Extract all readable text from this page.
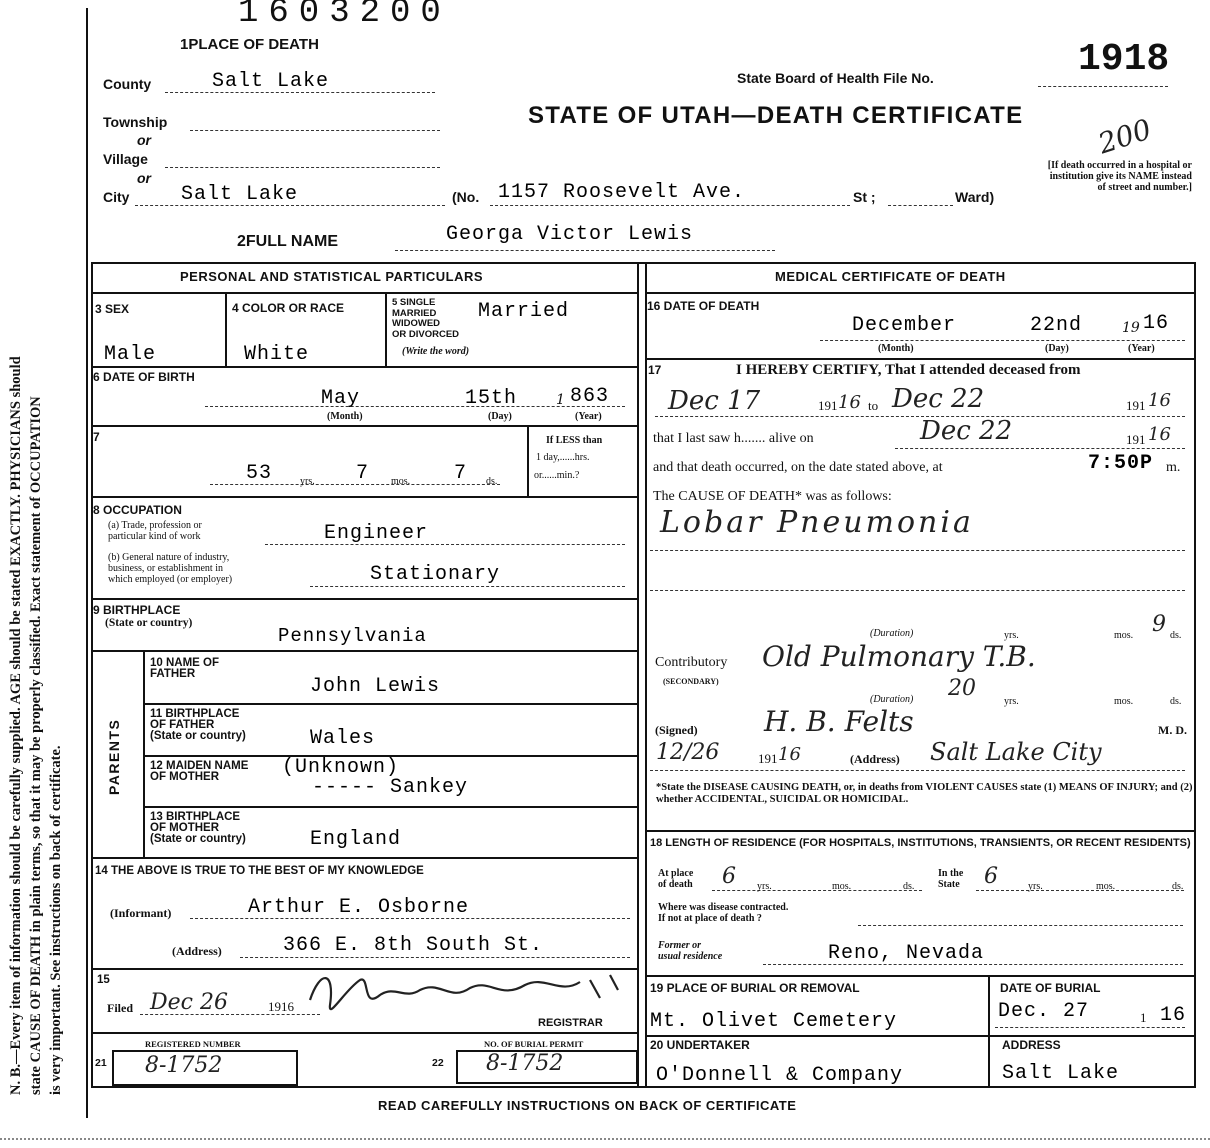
N. B.—Every item of information should be carefully supplied. AGE should be stated EXACTLY. PHYSICIANS should state CAUSE OF DEATH in plain terms, so that it may be properly classified. Exact statement of OCCUPATION is very important. See instructions on back of certificate.
1603200
1PLACE OF DEATH
State Board of Health File No.	1918
STATE OF UTAH—DEATH CERTIFICATE	200
County	Salt Lake
Township
or
Village
or
City	Salt Lake	(No. 1157 Roosevelt Ave.	St ;	Ward)
[If death occurred in a hospital or institution give its NAME instead of street and number.]
2FULL NAME	Georga Victor Lewis
PERSONAL AND STATISTICAL PARTICULARS
3 SEX
Male
4 COLOR OR RACE
White
5 SINGLE
MARRIED
WIDOWED
OR DIVORCED
(Write the word)
Married
6 DATE OF BIRTH
May	15th	1 863
(Month)	(Day)	(Year)
7
53	yrs. 7 mos. 7 ds.
If LESS than
1 day,......hrs.
or......min.?
8 OCCUPATION
(a) Trade, profession or
particular kind of work	Engineer
(b) General nature of industry,
business, or establishment in
which employed (or employer)	Stationary
9 BIRTHPLACE
(State or country)
Pennsylvania
PARENTS
10 NAME OF
FATHER
John Lewis
11 BIRTHPLACE
OF FATHER
(State or country)	Wales
12 MAIDEN NAME
OF MOTHER	(Unknown)
----- Sankey
13 BIRTHPLACE
OF MOTHER
(State or country)	England
14 THE ABOVE IS TRUE TO THE BEST OF MY KNOWLEDGE
(Informant)	Arthur E. Osborne
(Address)	366 E. 8th South St.
15
Filed Dec 26	1916
REGISTRAR
21
REGISTERED NUMBER
8-1752	22
NO. OF BURIAL PERMIT
8-1752
MEDICAL CERTIFICATE OF DEATH
16 DATE OF DEATH
December	22nd	19 16
(Month)	(Day)	(Year)
17	I HEREBY CERTIFY, That I attended deceased from
Dec 17	191 16 to Dec 22	191 16
that I last saw h....... alive on	Dec 22	191 16
and that death occurred, on the date stated above, at	7:50P m.
The CAUSE OF DEATH* was as follows:
Lobar Pneumonia
(Duration)	yrs.	mos. 9 ds.
Contributory
(SECONDARY)
Old Pulmonary T.B.
(Duration) 20
yrs.	mos.	ds.
(Signed) H. B. Felts	M. D.
12/26	191 16	(Address) Salt Lake City
*State the DISEASE CAUSING DEATH, or, in deaths from VIOLENT CAUSES state (1) MEANS OF INJURY; and (2) whether ACCIDENTAL, SUICIDAL OR HOMICIDAL.
18 LENGTH OF RESIDENCE (FOR HOSPITALS, INSTITUTIONS, TRANSIENTS, OR RECENT RESIDENTS)
At place
of death 6 yrs.	mos.	ds.
In the
State 6	yrs.	mos.	ds.
Where was disease contracted.
If not at place of death ?
Former or
usual residence	Reno, Nevada
19 PLACE OF BURIAL OR REMOVAL
Mt. Olivet Cemetery
DATE OF BURIAL
Dec. 27	1 16
20 UNDERTAKER
O'Donnell & Company
ADDRESS
Salt Lake
READ CAREFULLY INSTRUCTIONS ON BACK OF CERTIFICATE
